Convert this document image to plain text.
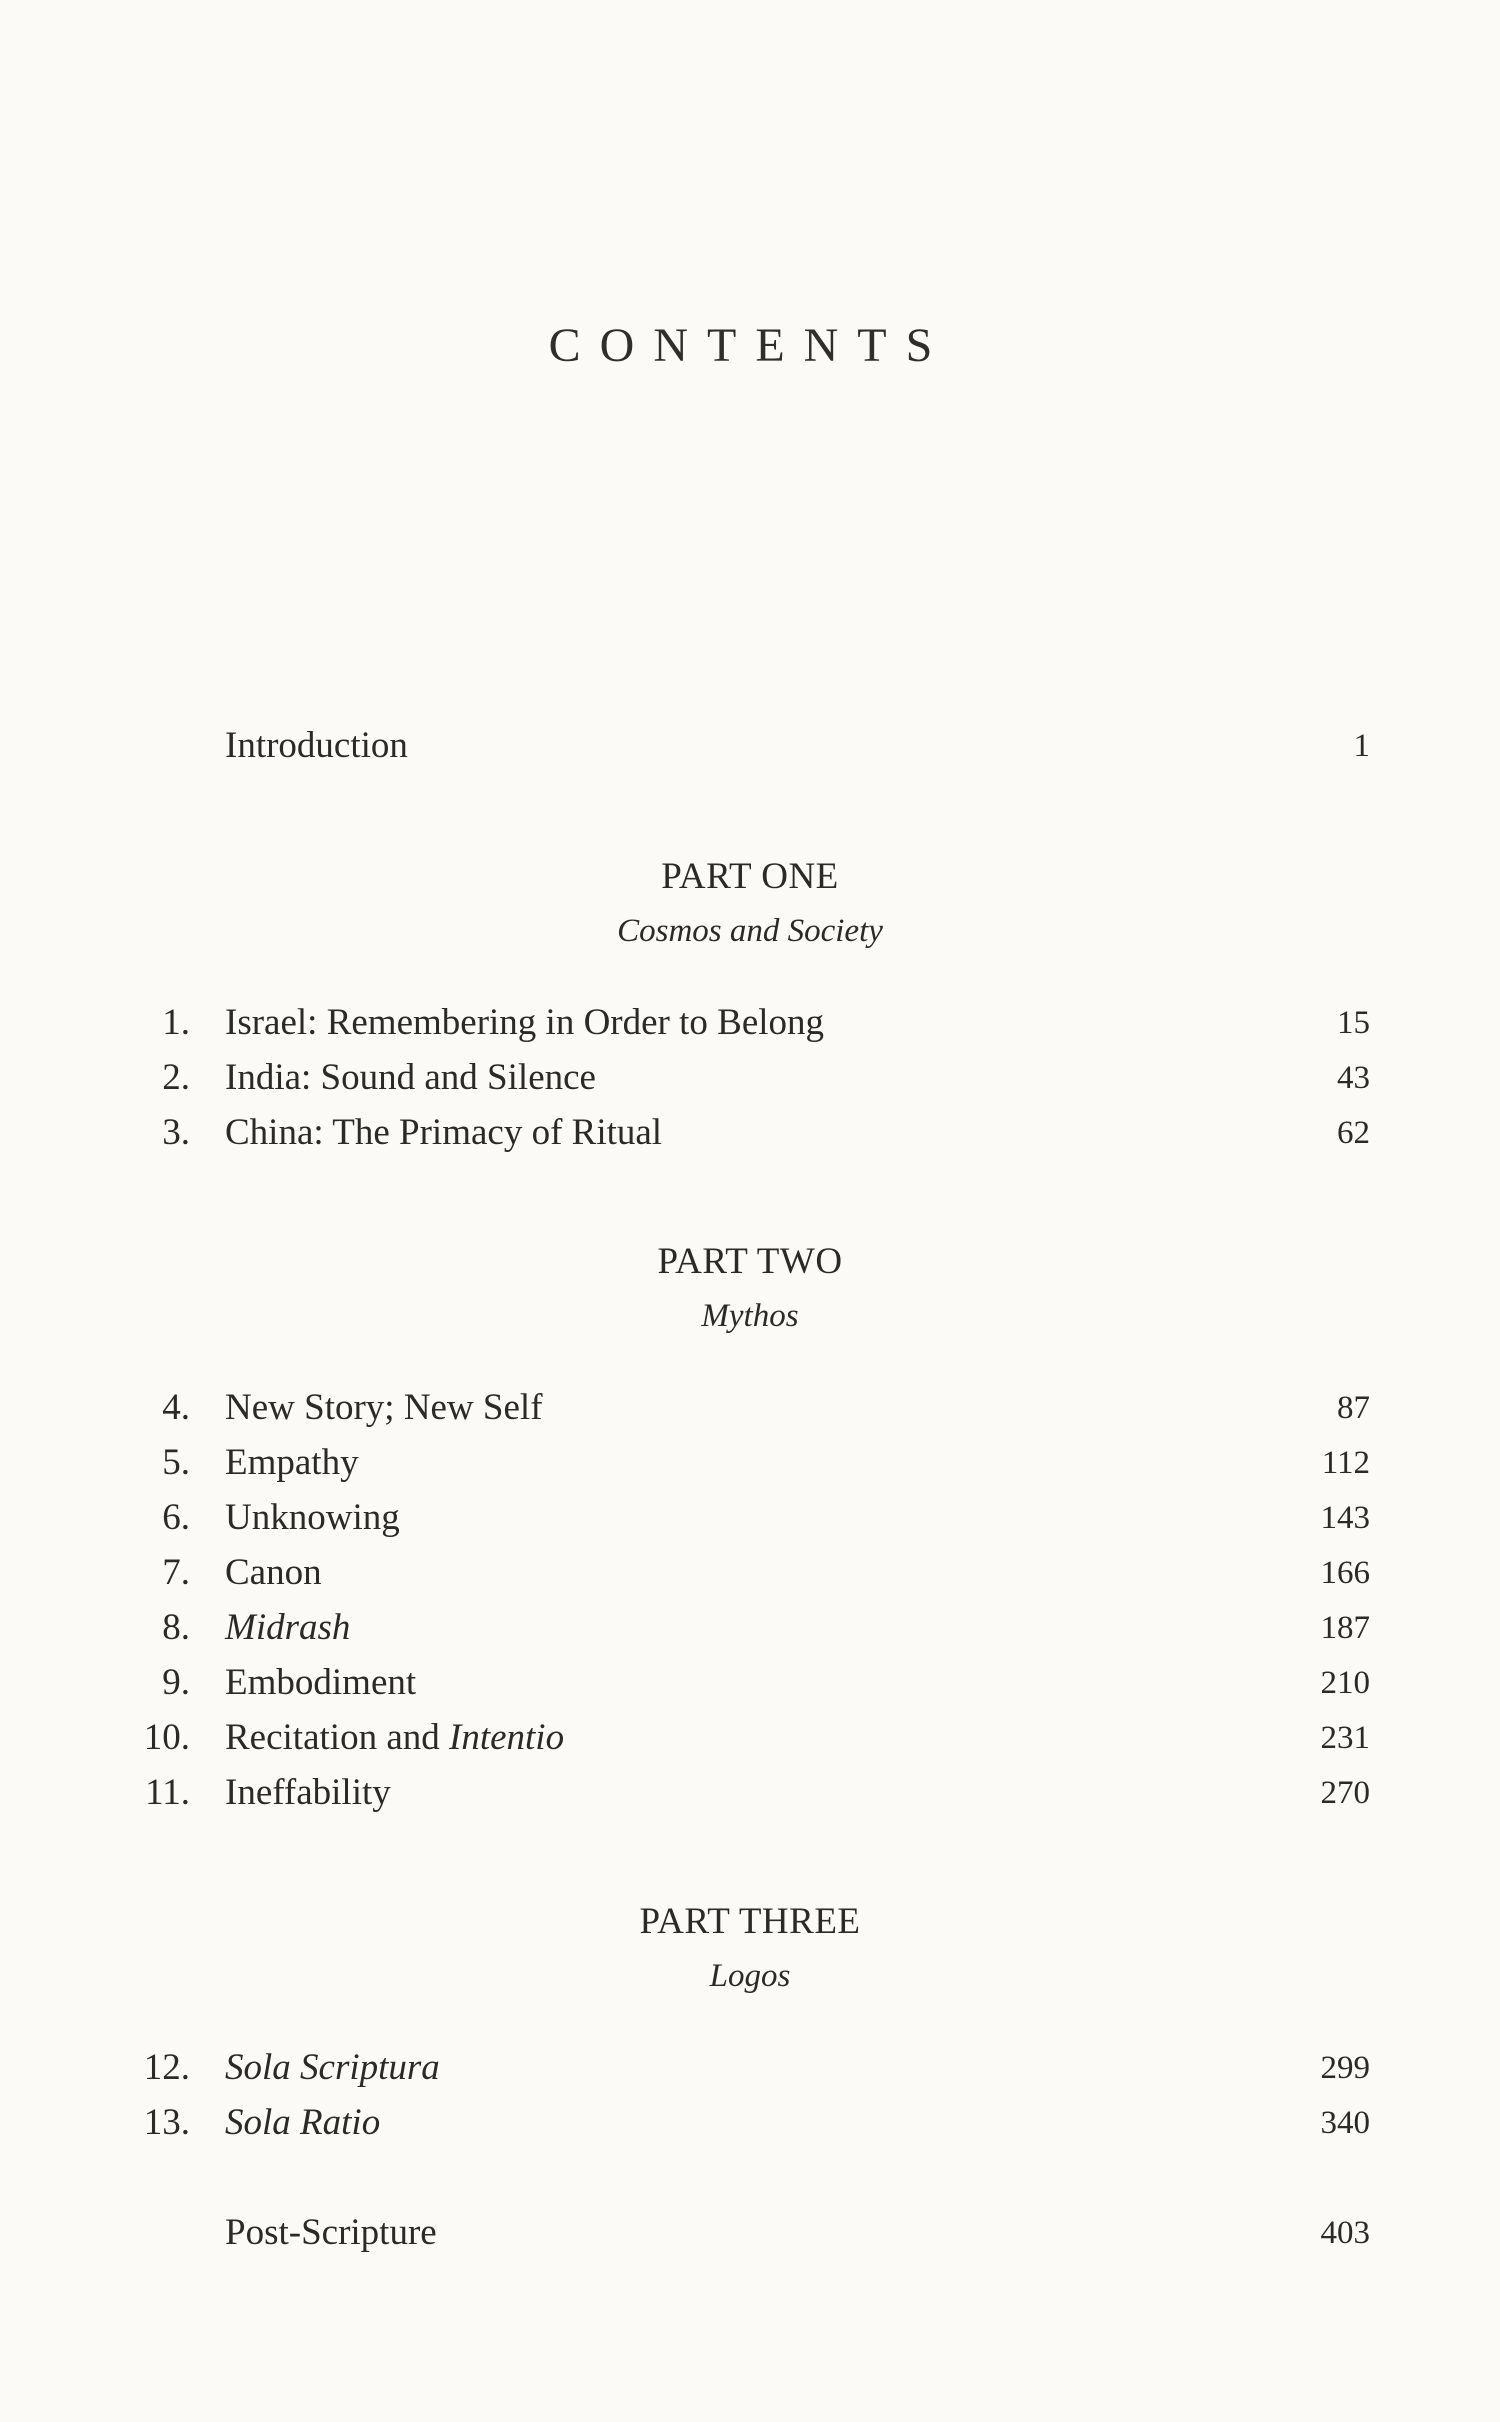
CONTENTS
Introduction	1
PART ONE
Cosmos and Society
1. Israel: Remembering in Order to Belong	15
2. India: Sound and Silence	43
3. China: The Primacy of Ritual	62
PART TWO
Mythos
4. New Story; New Self	87
5. Empathy	112
6. Unknowing	143
7. Canon	166
8. Midrash	187
9. Embodiment	210
10. Recitation and Intentio	231
11. Ineffability	270
PART THREE
Logos
12. Sola Scriptura	299
13. Sola Ratio	340
Post-Scripture	403
